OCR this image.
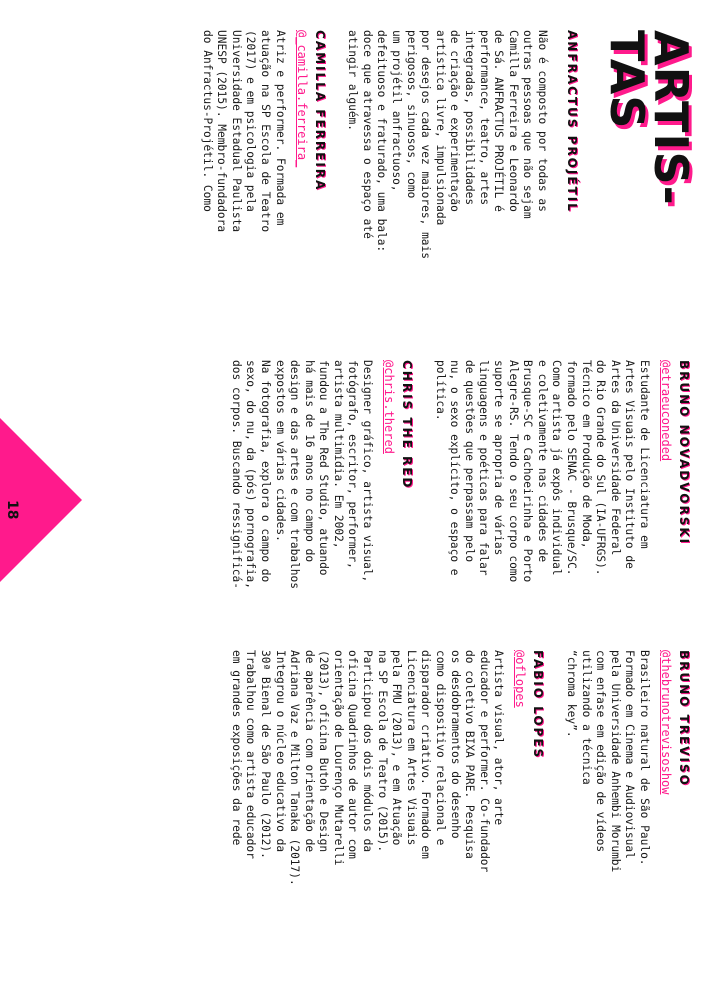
18
ARTIS-
TAS
ANFRACTUS PROJÉTIL

Não é composto por todas as
outras pessoas que não sejam
Camilla Ferreira e Leonardo
de Sá. ANFRACTUS PROJÉTIL é
performance, teatro, artes
integradas, possibilidades
de criação e experimentação
artística livre, impulsionada
por desejos cada vez maiores, mais
perigosos, sinuosos, como
um projétil anfractuoso,
defeituoso e fraturado, uma bala:
doce que atravessa o espaço até
atingir alguém.

CAMILLA FERREIRA
@_camilla.ferreira_

Atriz e performer. Formada em
atuação na SP Escola de Teatro
(2017) e em psicologia pela
Universidade Estadual Paulista
UNESP (2015). Membro-fundadora
do Anfractus-Projétil. Como

BRUNO NOVADVORSKI
@etraeuconeded

Estudante de Licenciatura em
Artes Visuais pelo Instituto de
Artes da Universidade Federal
do Rio Grande do Sul (IA-UFRGS).
Técnico em Produção de Moda,
formado pelo SENAC - Brusque/SC.
Como artista já expôs individual
e coletivamente nas cidades de
Brusque-SC e Cachoeirinha e Porto
Alegre-RS. Tendo o seu corpo como
suporte se apropria de várias
linguagens e poéticas para falar
de questões que perpassam pelo
nu, o sexo explícito, o espaço e
política.

CHRIS THE RED
@chris.thered

Designer gráfico, artista visual,
fotógrafo, escritor, performer,
artista multimídia. Em 2002,
fundou a The Red Studio, atuando
há mais de 16 anos no campo do
design e das artes e com trabalhos
expostos em várias cidades.
Na fotografia, explora o campo do
sexo, do nu, da (pós) pornografia,
dos corpos. Buscando ressignificá-

BRUNO TREVISO
@thebrunotrevisoshow

Brasileiro natural de São Paulo.
Formado em Cinema e Audiovisual
pela Universidade Anhembi Morumbi
com enfase em edição de vídeos
utilizando a técnica
“chroma key”.

FABIO LOPES
@oflopes

Artista visual, ator, arte
educador e performer. Co-fundador
do coletivo BIXA PARE. Pesquisa
os desdobramentos do desenho
como dispositivo relacional e
disparador criativo. Formado em
Licenciatura em Artes Visuais
pela FMU (2013), e em Atuação
na SP Escola de Teatro (2015).
Participou dos dois módulos da
oficina Quadrinhos de autor com
orientação de Lourenço Mutarelli
(2013), oficina Butoh e Design
de aparência com orientação de
Adriana Vaz e Milton Tanaka (2017).
Integrou o núcleo educativo da
30ª Bienal de São Paulo (2012).
Trabalhou como artista educador
em grandes exposições da rede
